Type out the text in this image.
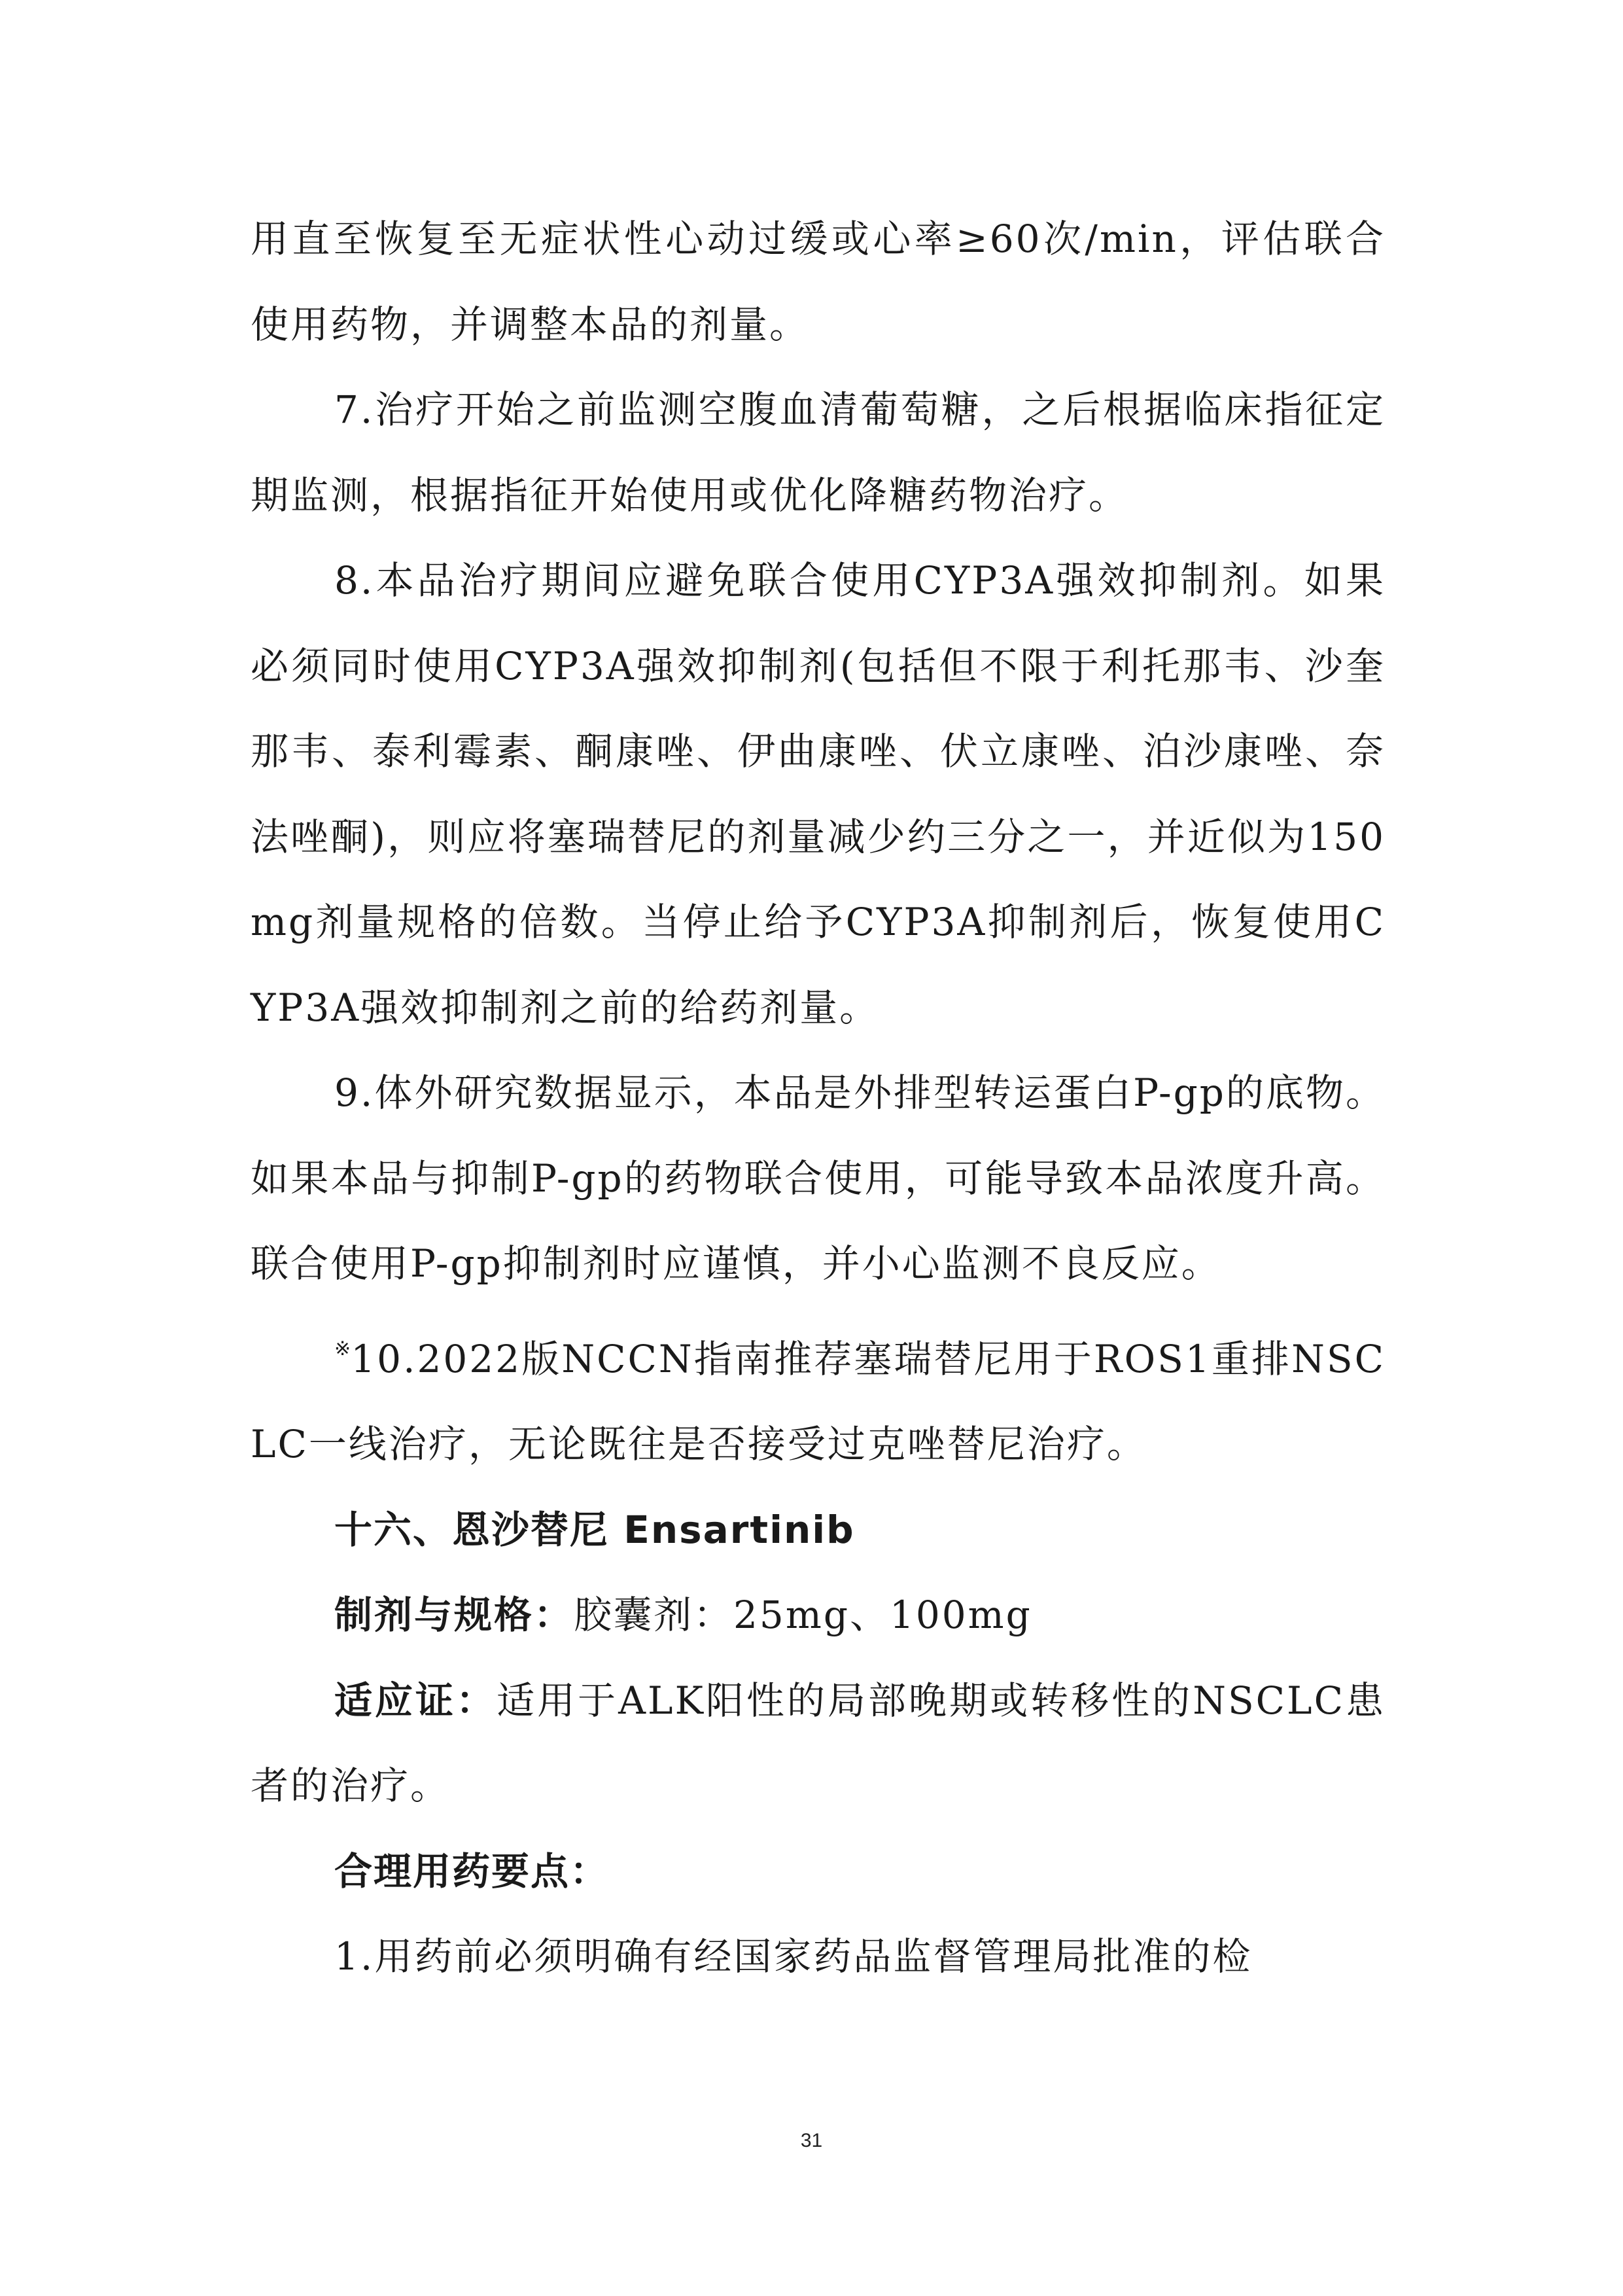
用直至恢复至无症状性心动过缓或心率≥60次/min，评估联合使用药物，并调整本品的剂量。

7.治疗开始之前监测空腹血清葡萄糖，之后根据临床指征定期监测，根据指征开始使用或优化降糖药物治疗。

8.本品治疗期间应避免联合使用CYP3A强效抑制剂。如果必须同时使用CYP3A强效抑制剂(包括但不限于利托那韦、沙奎那韦、泰利霉素、酮康唑、伊曲康唑、伏立康唑、泊沙康唑、奈法唑酮)，则应将塞瑞替尼的剂量减少约三分之一，并近似为150mg剂量规格的倍数。当停止给予CYP3A抑制剂后，恢复使用CYP3A强效抑制剂之前的给药剂量。

9.体外研究数据显示，本品是外排型转运蛋白P-gp的底物。如果本品与抑制P-gp的药物联合使用，可能导致本品浓度升高。联合使用P-gp抑制剂时应谨慎，并小心监测不良反应。

※10.2022版NCCN指南推荐塞瑞替尼用于ROS1重排NSCLC一线治疗，无论既往是否接受过克唑替尼治疗。

十六、恩沙替尼 Ensartinib

制剂与规格：胶囊剂：25mg、100mg

适应证：适用于ALK阳性的局部晚期或转移性的NSCLC患者的治疗。

合理用药要点：

1.用药前必须明确有经国家药品监督管理局批准的检

31
